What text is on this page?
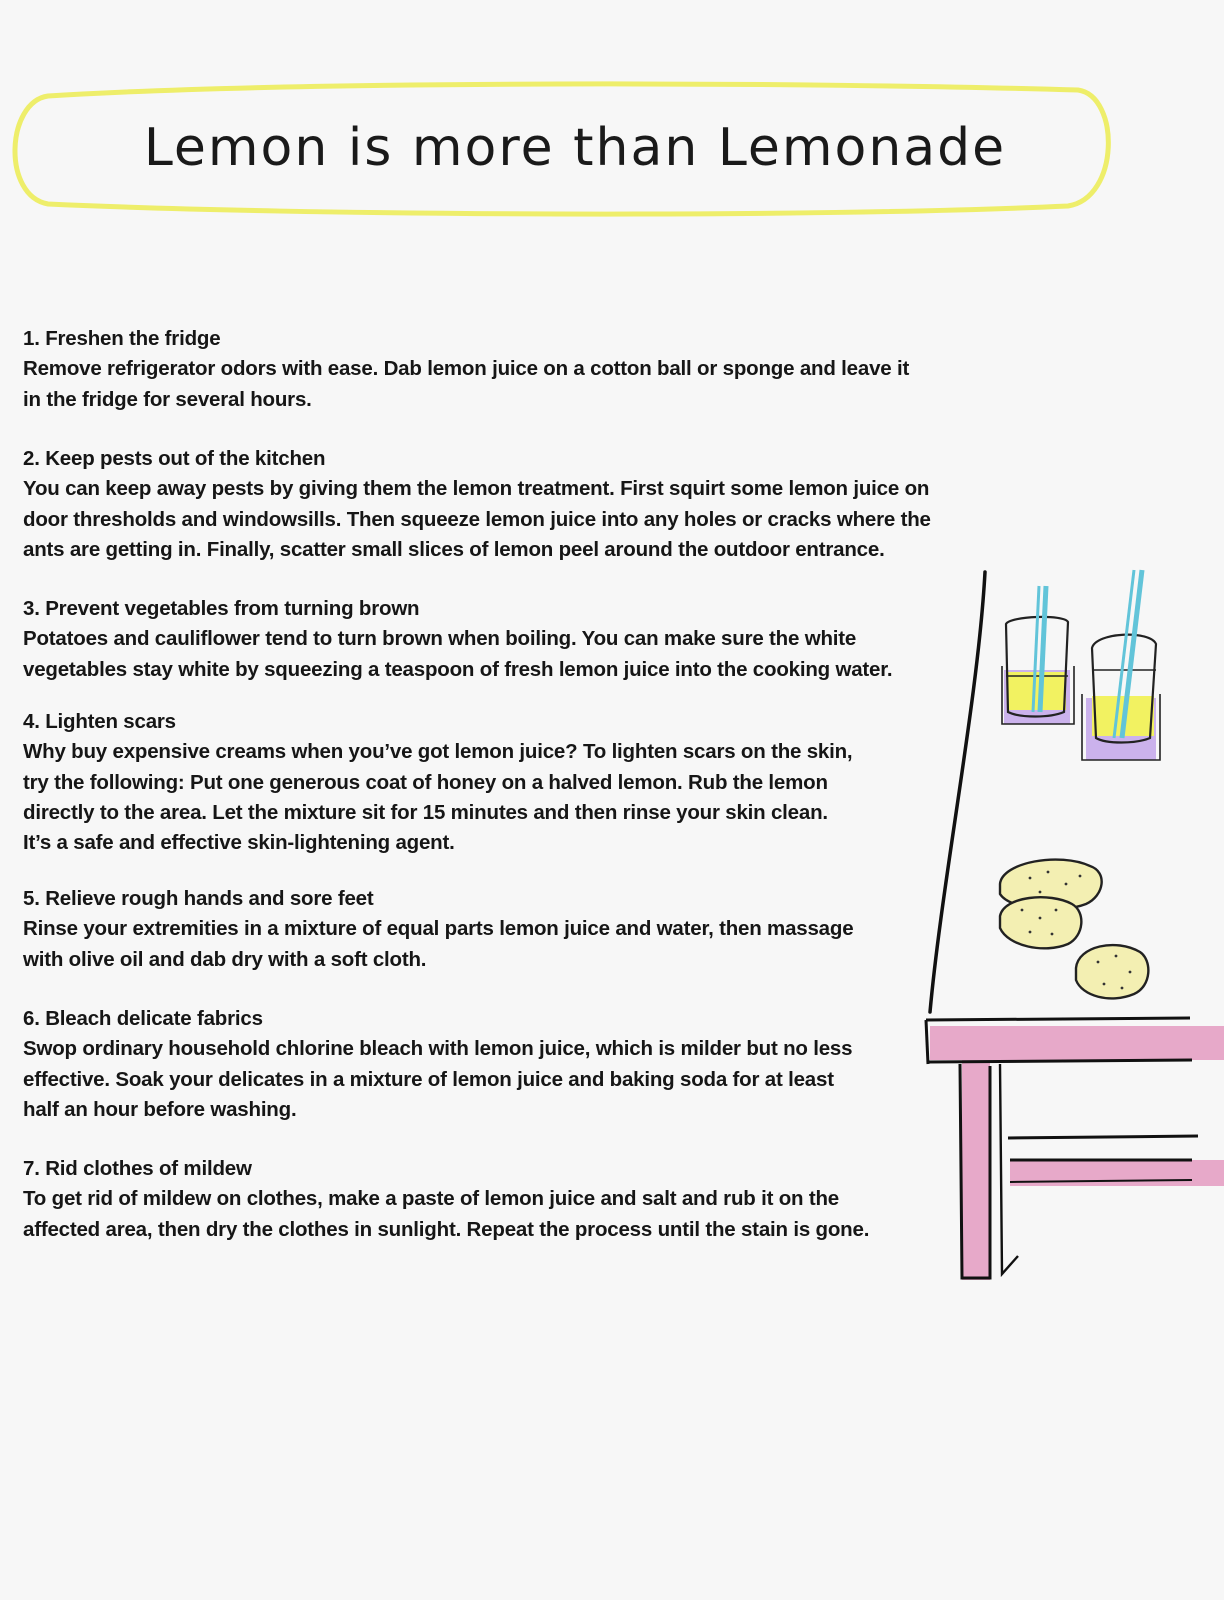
Lemon is more than Lemonade

1. Freshen the fridge

Remove refrigerator odors with ease. Dab lemon juice on a cotton ball or sponge and leave it

in the fridge for several hours.

2. Keep pests out of the kitchen

You can keep away pests by giving them the lemon treatment. First squirt some lemon juice on

door thresholds and windowsills. Then squeeze lemon juice into any holes or cracks where the

ants are getting in. Finally, scatter small slices of lemon peel around the outdoor entrance.

3. Prevent vegetables from turning brown

Potatoes and cauliflower tend to turn brown when boiling. You can make sure the white

vegetables stay white by squeezing a teaspoon of fresh lemon juice into the cooking water.

4. Lighten scars

Why buy expensive creams when you’ve got lemon juice? To lighten scars on the skin,

try the following: Put one generous coat of honey on a halved lemon. Rub the lemon

directly to the area. Let the mixture sit for 15 minutes and then rinse your skin clean.

It’s a safe and effective skin-lightening agent.

5. Relieve rough hands and sore feet

Rinse your extremities in a mixture of equal parts lemon juice and water, then massage

with olive oil and dab dry with a soft cloth.

6. Bleach delicate fabrics

Swop ordinary household chlorine bleach with lemon juice, which is milder but no less

effective. Soak your delicates in a mixture of lemon juice and baking soda for at least

half an hour before washing.

7. Rid clothes of mildew

To get rid of mildew on clothes, make a paste of lemon juice and salt and rub it on the

affected area, then dry the clothes in sunlight. Repeat the process until the stain is gone.
